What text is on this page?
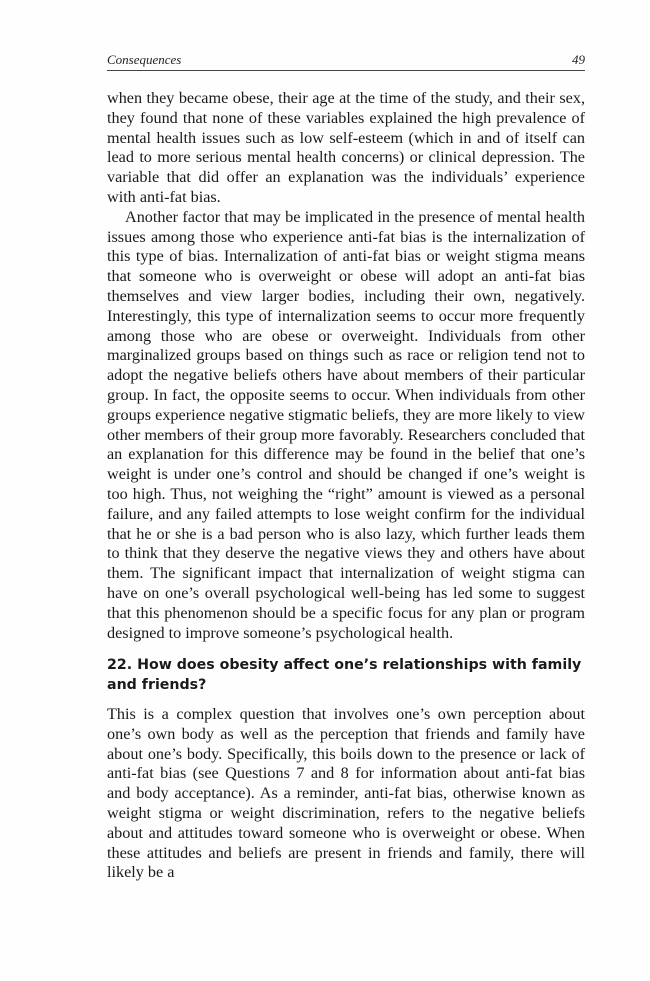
Consequences	49

when they became obese, their age at the time of the study, and their sex, they found that none of these variables explained the high prevalence of mental health issues such as low self-esteem (which in and of itself can lead to more serious mental health concerns) or clinical depression. The variable that did offer an explanation was the individuals’ experience with anti-fat bias.

Another factor that may be implicated in the presence of mental health issues among those who experience anti-fat bias is the internalization of this type of bias. Internalization of anti-fat bias or weight stigma means that someone who is overweight or obese will adopt an anti-fat bias themselves and view larger bodies, including their own, negatively. Interestingly, this type of internalization seems to occur more frequently among those who are obese or overweight. Individuals from other marginalized groups based on things such as race or religion tend not to adopt the negative beliefs others have about members of their particular group. In fact, the opposite seems to occur. When individuals from other groups experience negative stigmatic beliefs, they are more likely to view other members of their group more favorably. Researchers concluded that an explanation for this difference may be found in the belief that one’s weight is under one’s control and should be changed if one’s weight is too high. Thus, not weighing the “right” amount is viewed as a personal failure, and any failed attempts to lose weight confirm for the individual that he or she is a bad person who is also lazy, which further leads them to think that they deserve the negative views they and others have about them. The significant impact that internalization of weight stigma can have on one’s overall psychological well-being has led some to suggest that this phenomenon should be a specific focus for any plan or program designed to improve someone’s psychological health.

22. How does obesity affect one’s relationships with family and friends?

This is a complex question that involves one’s own perception about one’s own body as well as the perception that friends and family have about one’s body. Specifically, this boils down to the presence or lack of anti-fat bias (see Questions 7 and 8 for information about anti-fat bias and body acceptance). As a reminder, anti-fat bias, otherwise known as weight stigma or weight discrimination, refers to the negative beliefs about and attitudes toward someone who is overweight or obese. When these attitudes and beliefs are present in friends and family, there will likely be a
